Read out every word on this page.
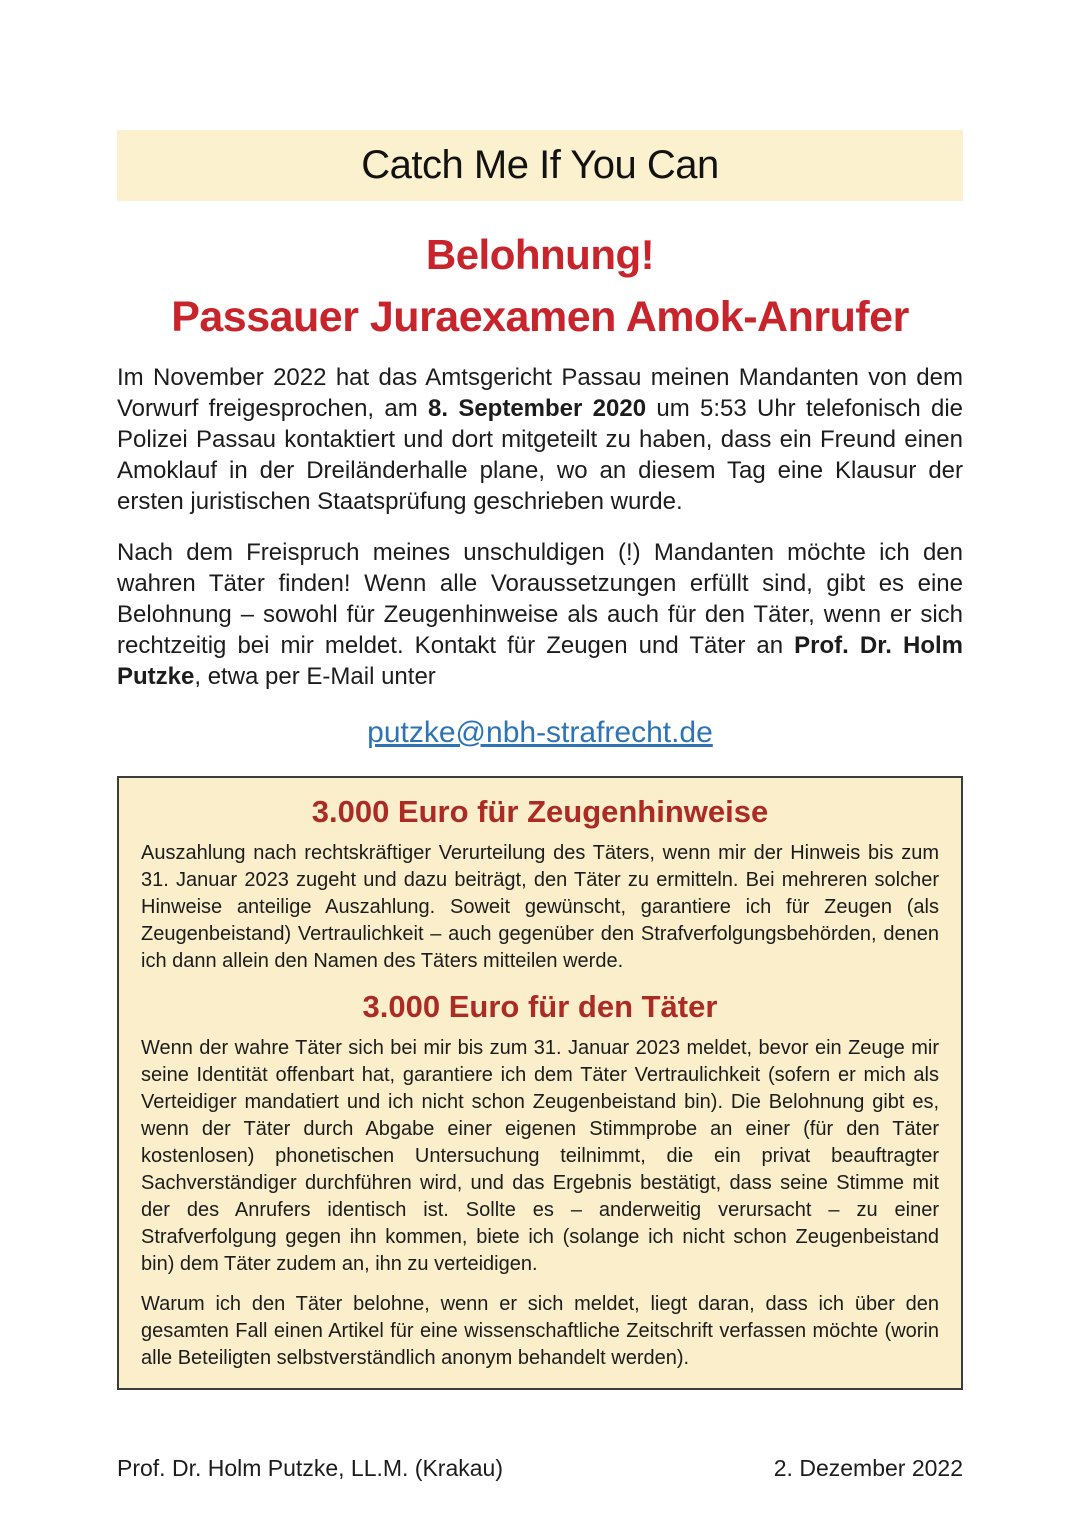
Catch Me If You Can
Belohnung!
Passauer Juraexamen Amok-Anrufer

Im November 2022 hat das Amtsgericht Passau meinen Mandanten von dem Vorwurf freigesprochen, am 8. September 2020 um 5:53 Uhr telefonisch die Polizei Passau kontaktiert und dort mitgeteilt zu haben, dass ein Freund einen Amoklauf in der Dreiländerhalle plane, wo an diesem Tag eine Klausur der ersten juristischen Staatsprüfung geschrieben wurde.

Nach dem Freispruch meines unschuldigen (!) Mandanten möchte ich den wahren Täter finden! Wenn alle Voraussetzungen erfüllt sind, gibt es eine Belohnung – sowohl für Zeugenhinweise als auch für den Täter, wenn er sich rechtzeitig bei mir meldet. Kontakt für Zeugen und Täter an Prof. Dr. Holm Putzke, etwa per E-Mail unter

putzke@nbh-strafrecht.de
3.000 Euro für Zeugenhinweise

Auszahlung nach rechtskräftiger Verurteilung des Täters, wenn mir der Hinweis bis zum 31. Januar 2023 zugeht und dazu beiträgt, den Täter zu ermitteln. Bei mehreren solcher Hinweise anteilige Auszahlung. Soweit gewünscht, garantiere ich für Zeugen (als Zeugenbeistand) Vertraulichkeit – auch gegenüber den Strafverfolgungsbehörden, denen ich dann allein den Namen des Täters mitteilen werde.

3.000 Euro für den Täter

Wenn der wahre Täter sich bei mir bis zum 31. Januar 2023 meldet, bevor ein Zeuge mir seine Identität offenbart hat, garantiere ich dem Täter Vertraulichkeit (sofern er mich als Verteidiger mandatiert und ich nicht schon Zeugenbeistand bin). Die Belohnung gibt es, wenn der Täter durch Abgabe einer eigenen Stimmprobe an einer (für den Täter kostenlosen) phonetischen Untersuchung teilnimmt, die ein privat beauftragter Sachverständiger durchführen wird, und das Ergebnis bestätigt, dass seine Stimme mit der des Anrufers identisch ist. Sollte es – anderweitig verursacht – zu einer Strafverfolgung gegen ihn kommen, biete ich (solange ich nicht schon Zeugenbeistand bin) dem Täter zudem an, ihn zu verteidigen.

Warum ich den Täter belohne, wenn er sich meldet, liegt daran, dass ich über den gesamten Fall einen Artikel für eine wissenschaftliche Zeitschrift verfassen möchte (worin alle Beteiligten selbstverständlich anonym behandelt werden).

Prof. Dr. Holm Putzke, LL.M. (Krakau)	2. Dezember 2022
